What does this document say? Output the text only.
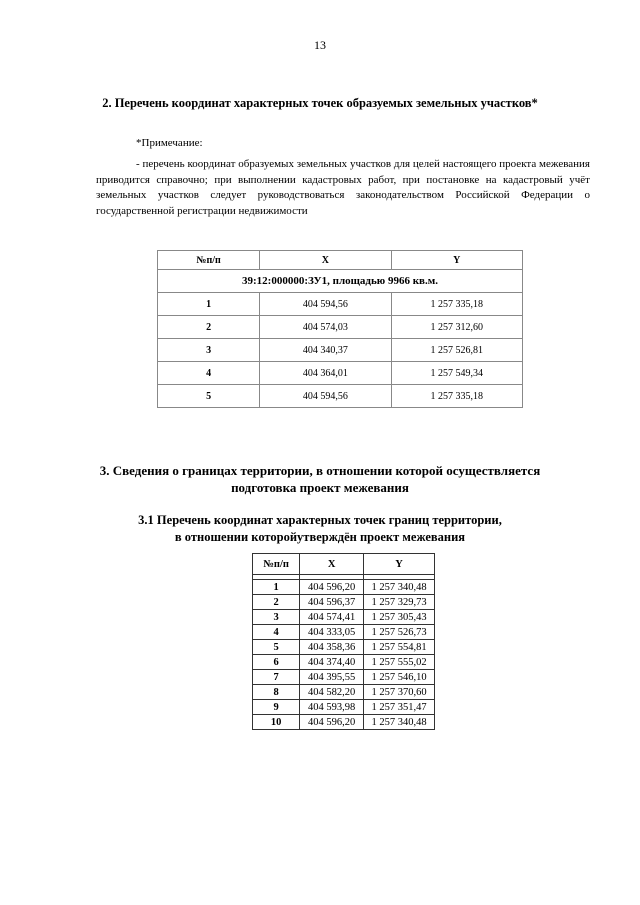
13
2. Перечень координат характерных точек образуемых земельных участков*
*Примечание:

- перечень координат образуемых земельных участков для целей настоящего проекта межевания приводится справочно; при выполнении кадастровых работ, при постановке на кадастровый учёт земельных участков следует руководствоваться законодательством Российской Федерации о государственной регистрации недвижимости

№п/п	X	Y
39:12:000000:ЗУ1, площадью 9966 кв.м.		
1	404 594,56	1 257 335,18
2	404 574,03	1 257 312,60
3	404 340,37	1 257 526,81
4	404 364,01	1 257 549,34
5	404 594,56	1 257 335,18
3. Сведения о границах территории, в отношении которой осуществляется
подготовка проект межевания
3.1 Перечень координат характерных точек границ территории,
в отношении которойутверждён проект межевания
№п/п	X	Y

1	404 596,20	1 257 340,48
2	404 596,37	1 257 329,73
3	404 574,41	1 257 305,43
4	404 333,05	1 257 526,73
5	404 358,36	1 257 554,81
6	404 374,40	1 257 555,02
7	404 395,55	1 257 546,10
8	404 582,20	1 257 370,60
9	404 593,98	1 257 351,47
10	404 596,20	1 257 340,48
